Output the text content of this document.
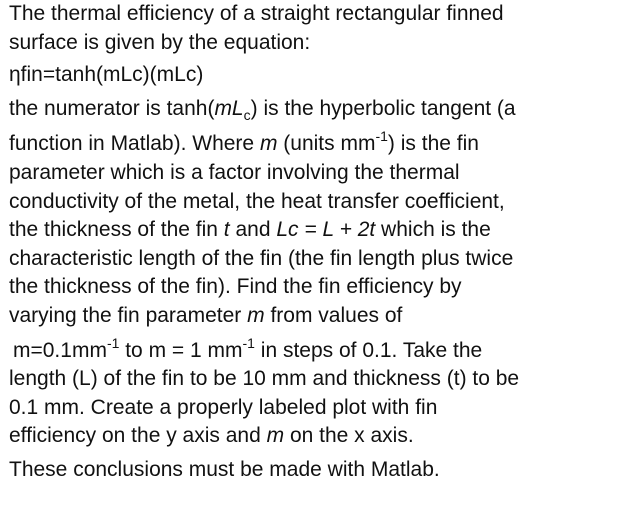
The thermal efficiency of a straight rectangular finned
surface is given by the equation:
ηfin=tanh(mLc)(mLc)
the numerator is $\tanh(mL_c)$ is the hyperbolic tangent (a
function in Matlab). Where m (units $mm^{-1}$) is the fin
parameter which is a factor involving the thermal
conductivity of the metal, the heat transfer coefficient,
the thickness of the fin t and Lc = L + 2t which is the
characteristic length of the fin (the fin length plus twice
the thickness of the fin). Find the fin efficiency by
varying the fin parameter m from values of
$m=0.1mm^{-1}$ to m = 1 $mm^{-1}$ in steps of 0.1. Take the
length (L) of the fin to be 10 mm and thickness (t) to be
0.1 mm. Create a properly labeled plot with fin
efficiency on the y axis and m on the x axis.
These conclusions must be made with Matlab.
